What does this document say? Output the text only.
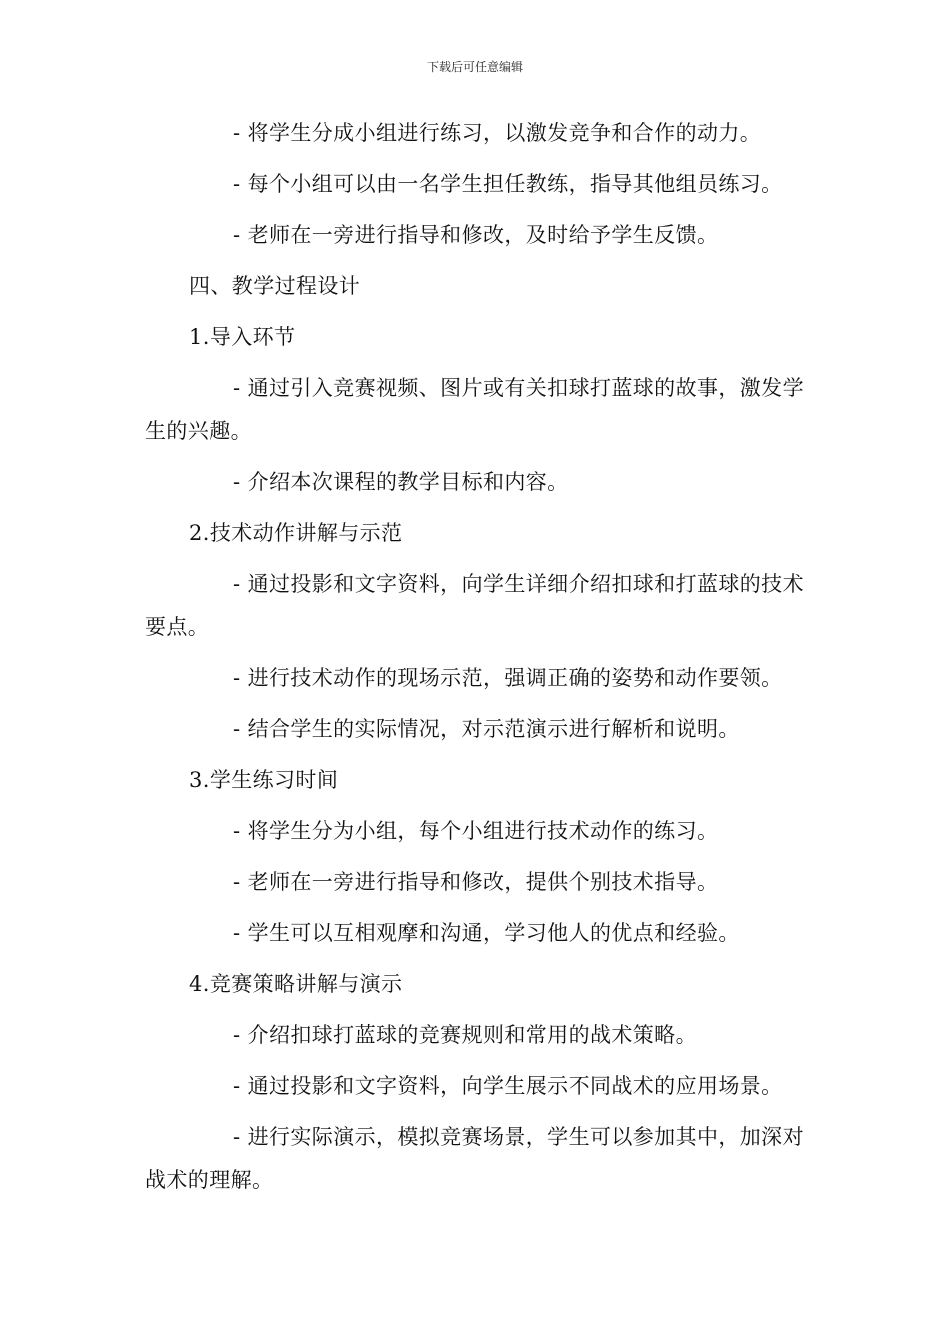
下载后可任意编辑

- 将学生分成小组进行练习，以激发竞争和合作的动力。

- 每个小组可以由一名学生担任教练，指导其他组员练习。

- 老师在一旁进行指导和修改，及时给予学生反馈。

四、教学过程设计

1.导入环节

- 通过引入竞赛视频、图片或有关扣球打蓝球的故事，激发学生的兴趣。

- 介绍本次课程的教学目标和内容。

2.技术动作讲解与示范

- 通过投影和文字资料，向学生详细介绍扣球和打蓝球的技术要点。

- 进行技术动作的现场示范，强调正确的姿势和动作要领。

- 结合学生的实际情况，对示范演示进行解析和说明。

3.学生练习时间

- 将学生分为小组，每个小组进行技术动作的练习。

- 老师在一旁进行指导和修改，提供个别技术指导。

- 学生可以互相观摩和沟通，学习他人的优点和经验。

4.竞赛策略讲解与演示

- 介绍扣球打蓝球的竞赛规则和常用的战术策略。

- 通过投影和文字资料，向学生展示不同战术的应用场景。

- 进行实际演示，模拟竞赛场景，学生可以参加其中，加深对战术的理解。
